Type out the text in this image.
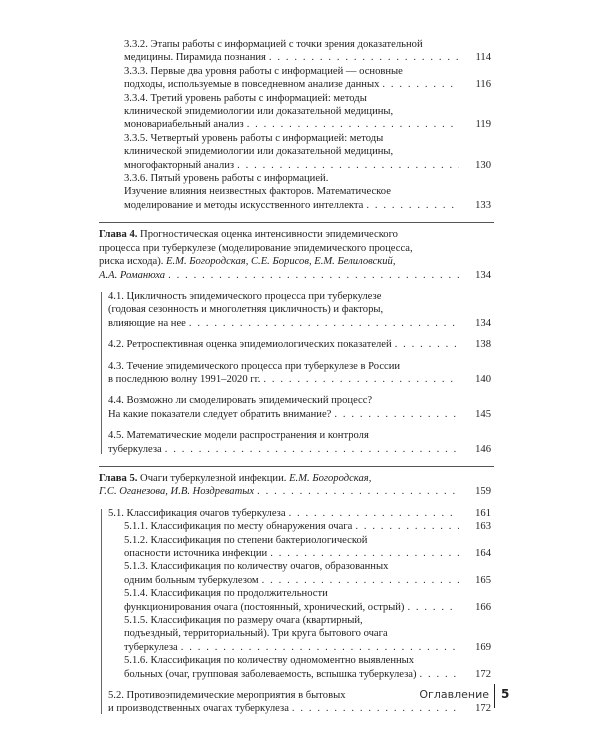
3.3.2. Этапы работы с информацией с точки зрения доказательной
медицины. Пирамида познания . . .	114
3.3.3. Первые два уровня работы с информацией — основные
подходы, используемые в повседневном анализе данных . . .	116
3.3.4. Третий уровень работы с информацией: методы
клинической эпидемиологии или доказательной медицины,
моновариабельный анализ . . .	119
3.3.5. Четвертый уровень работы с информацией: методы
клинической эпидемиологии или доказательной медицины,
многофакторный анализ . . .	130
3.3.6. Пятый уровень работы с информацией.
Изучение влияния неизвестных факторов. Математическое
моделирование и методы искусственного интеллекта . . .	133
Глава 4. Прогностическая оценка интенсивности эпидемического
процесса при туберкулезе (моделирование эпидемического процесса,
риска исхода). Е.М. Богородская, С.Е. Борисов, Е.М. Белиловский,
А.А. Романюха . . .	134
4.1. Цикличность эпидемического процесса при туберкулезе
(годовая сезонность и многолетняя цикличность) и факторы,
влияющие на нее . . .	134
4.2. Ретроспективная оценка эпидемиологических показателей . . .	138
4.3. Течение эпидемического процесса при туберкулезе в России
в последнюю волну 1991–2020 гг. . . .	140
4.4. Возможно ли смоделировать эпидемический процесс?
На какие показатели следует обратить внимание? . . .	145
4.5. Математические модели распространения и контроля
туберкулеза . . .	146
Глава 5. Очаги туберкулезной инфекции. Е.М. Богородская,
Г.С. Оганезова, И.В. Ноздреватых . . .	159
5.1. Классификация очагов туберкулеза . . .	161
5.1.1. Классификация по месту обнаружения очага . . .	163
5.1.2. Классификация по степени бактериологической
опасности источника инфекции . . .	164
5.1.3. Классификация по количеству очагов, образованных
одним больным туберкулезом . . .	165
5.1.4. Классификация по продолжительности
функционирования очага (постоянный, хронический, острый) . . .	166
5.1.5. Классификация по размеру очага (квартирный,
подъездный, территориальный). Три круга бытового очага
туберкулеза . . .	169
5.1.6. Классификация по количеству одномоментно выявленных
больных (очаг, групповая заболеваемость, вспышка туберкулеза) . . .	172
5.2. Противоэпидемические мероприятия в бытовых
и производственных очагах туберкулеза . . .	172
Оглавление 5
